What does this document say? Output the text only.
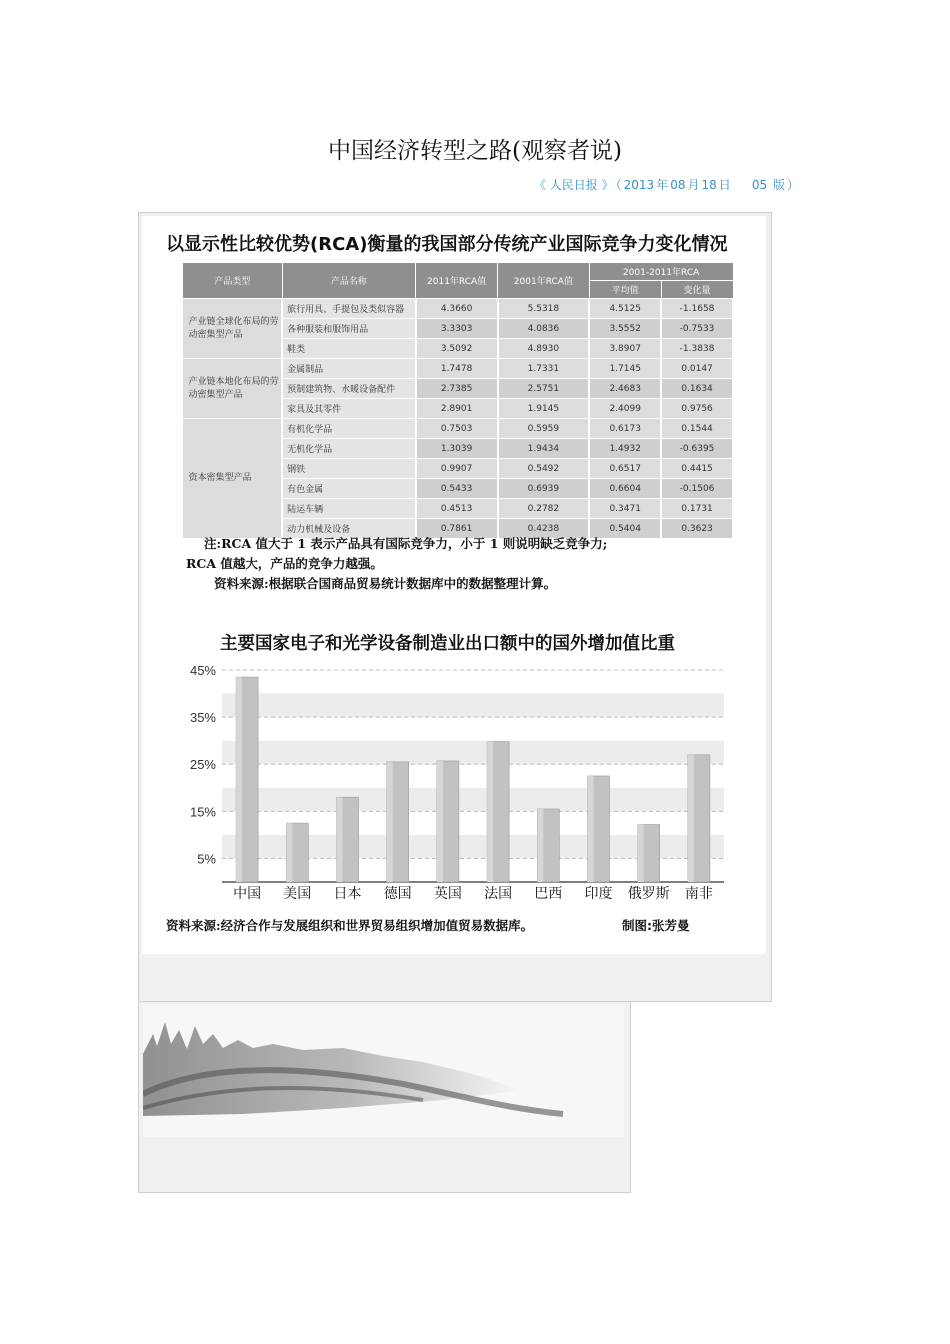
中国经济转型之路(观察者说)
《 人民日报 》 （ 2013 年 08 月 18 日 05 版 ）
以显示性比较优势(RCA)衡量的我国部分传统产业国际竞争力变化情况
产品类型	产品名称	2011年RCA值	2001年RCA值	2001-2011年RCA	
				平均值	变化量
产业链全球化布局的劳动密集型产品	旅行用具、手提包及类似容器	4.3660	5.5318	4.5125	-1.1658
	各种服装和服饰用品	3.3303	4.0836	3.5552	-0.7533
	鞋类	3.5092	4.8930	3.8907	-1.3838
产业链本地化布局的劳动密集型产品	金属制品	1.7478	1.7331	1.7145	0.0147
	预制建筑物、水暖设备配件	2.7385	2.5751	2.4683	0.1634
	家具及其零件	2.8901	1.9145	2.4099	0.9756
资本密集型产品	有机化学品	0.7503	0.5959	0.6173	0.1544
	无机化学品	1.3039	1.9434	1.4932	-0.6395
	钢铁	0.9907	0.5492	0.6517	0.4415
	有色金属	0.5433	0.6939	0.6604	-0.1506
	陆运车辆	0.4513	0.2782	0.3471	0.1731
	动力机械及设备	0.7861	0.4238	0.5404	0.3623
注:RCA 值大于 1 表示产品具有国际竞争力，小于 1 则说明缺乏竞争力;
RCA 值越大，产品的竞争力越强。
资料来源:根据联合国商品贸易统计数据库中的数据整理计算。
主要国家电子和光学设备制造业出口额中的国外增加值比重
5%
15%
25%
35%
45%
中国 美国 日本 德国 英国 法国 巴西 印度 俄罗斯 南非
资料来源:经济合作与发展组织和世界贸易组织增加值贸易数据库。	制图:张芳曼
